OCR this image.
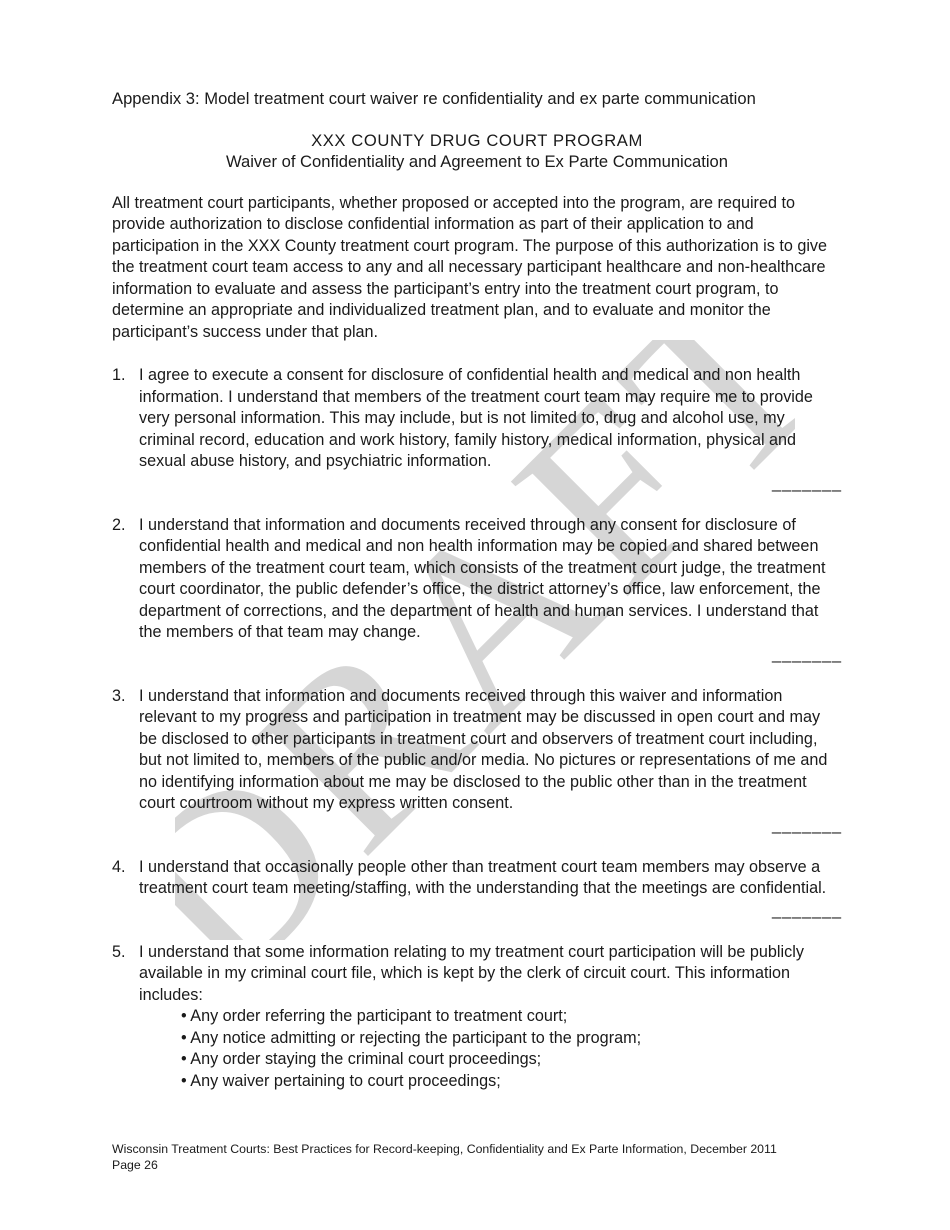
DRAFT

Appendix 3: Model treatment court waiver re confidentiality and ex parte communication

XXX COUNTY DRUG COURT PROGRAM

Waiver of Confidentiality and Agreement to Ex Parte Communication

All treatment court participants, whether proposed or accepted into the program, are required to provide authorization to disclose confidential information as part of their application to and participation in the XXX County treatment court program. The purpose of this authorization is to give the treatment court team access to any and all necessary participant healthcare and non-healthcare information to evaluate and assess the participant’s entry into the treatment court program, to determine an appropriate and individualized treatment plan, and to evaluate and monitor the participant’s success under that plan.

1. I agree to execute a consent for disclosure of confidential health and medical and non health information. I understand that members of the treatment court team may require me to provide very personal information. This may include, but is not limited to, drug and alcohol use, my criminal record, education and work history, family history, medical information, physical and sexual abuse history, and psychiatric information.

_______
2. I understand that information and documents received through any consent for disclosure of confidential health and medical and non health information may be copied and shared between members of the treatment court team, which consists of the treatment court judge, the treatment court coordinator, the public defender’s office, the district attorney’s office, law enforcement, the department of corrections, and the department of health and human services. I understand that the members of that team may change.

_______
3. I understand that information and documents received through this waiver and information relevant to my progress and participation in treatment may be discussed in open court and may be disclosed to other participants in treatment court and observers of treatment court including, but not limited to, members of the public and/or media. No pictures or representations of me and no identifying information about me may be disclosed to the public other than in the treatment court courtroom without my express written consent.

_______
4. I understand that occasionally people other than treatment court team members may observe a treatment court team meeting/staffing, with the understanding that the meetings are confidential.

_______
5. I understand that some information relating to my treatment court participation will be publicly available in my criminal court file, which is kept by the clerk of circuit court. This information includes:

• Any order referring the participant to treatment court;
• Any notice admitting or rejecting the participant to the program;
• Any order staying the criminal court proceedings;
• Any waiver pertaining to court proceedings;
Wisconsin Treatment Courts: Best Practices for Record-keeping, Confidentiality and Ex Parte Information, December 2011
Page 26
